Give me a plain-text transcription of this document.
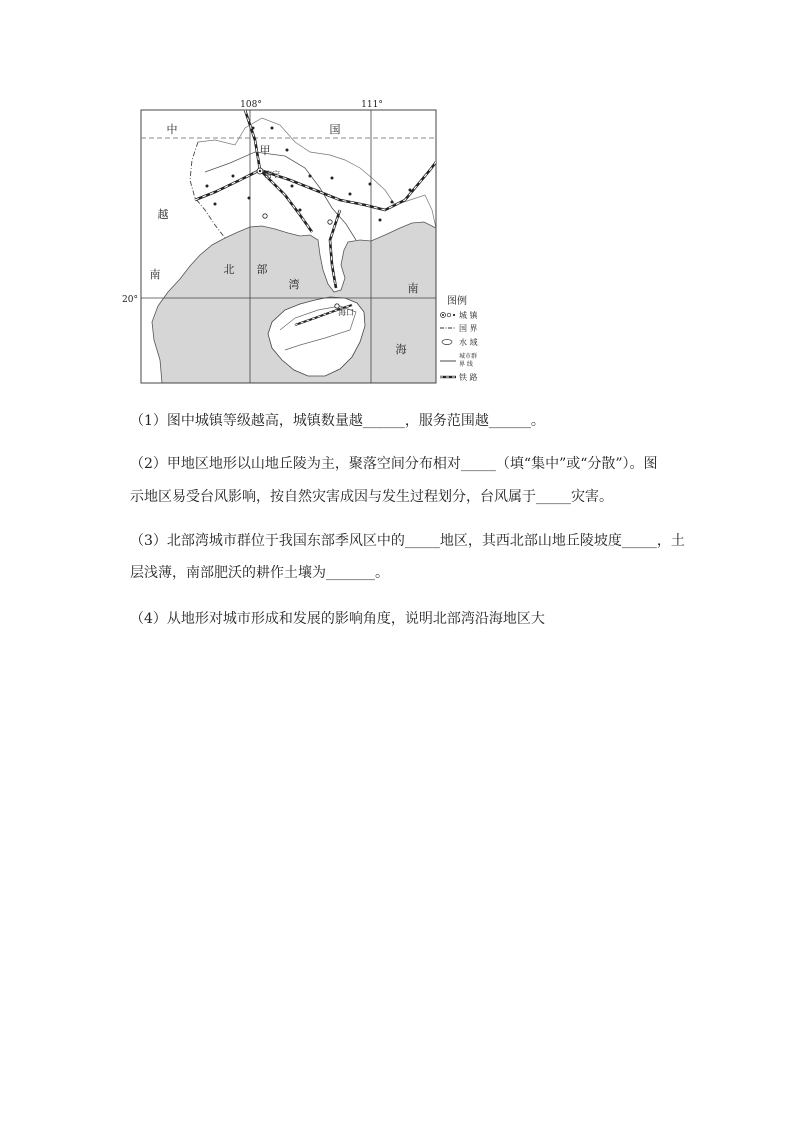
108°	111°
20°
中	国
甲
南宁
越
南	北 部
湾	南
海
海口
图例
城 镇
国 界
水 域
城市群
界 线
铁 路
（1）图中城镇等级越高，城镇数量越______，服务范围越______。
（2）甲地区地形以山地丘陵为主，聚落空间分布相对_____（填“集中”或“分散”）。图
示地区易受台风影响，按自然灾害成因与发生过程划分，台风属于_____灾害。
（3）北部湾城市群位于我国东部季风区中的_____地区，其西北部山地丘陵坡度_____，土
层浅薄，南部肥沃的耕作土壤为_______。
（4）从地形对城市形成和发展的影响角度，说明北部湾沿海地区大
